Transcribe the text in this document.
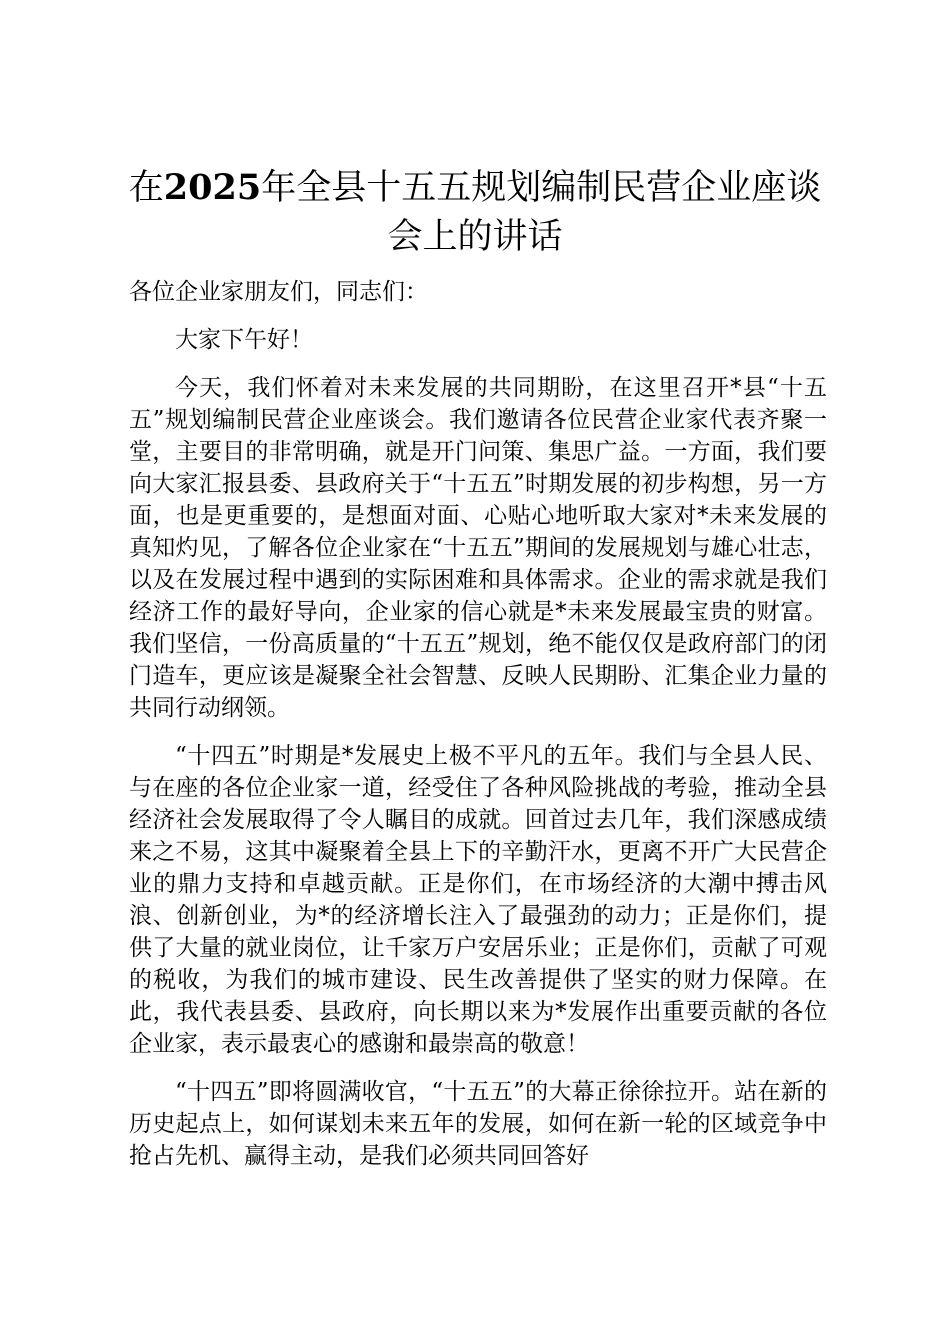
在2025年全县十五五规划编制民营企业座谈会上的讲话

各位企业家朋友们，同志们：

大家下午好！

今天，我们怀着对未来发展的共同期盼，在这里召开*县“十五五”规划编制民营企业座谈会。我们邀请各位民营企业家代表齐聚一堂，主要目的非常明确，就是开门问策、集思广益。一方面，我们要向大家汇报县委、县政府关于“十五五”时期发展的初步构想，另一方面，也是更重要的，是想面对面、心贴心地听取大家对*未来发展的真知灼见，了解各位企业家在“十五五”期间的发展规划与雄心壮志，以及在发展过程中遇到的实际困难和具体需求。企业的需求就是我们经济工作的最好导向，企业家的信心就是*未来发展最宝贵的财富。我们坚信，一份高质量的“十五五”规划，绝不能仅仅是政府部门的闭门造车，更应该是凝聚全社会智慧、反映人民期盼、汇集企业力量的共同行动纲领。

“十四五”时期是*发展史上极不平凡的五年。我们与全县人民、与在座的各位企业家一道，经受住了各种风险挑战的考验，推动全县经济社会发展取得了令人瞩目的成就。回首过去几年，我们深感成绩来之不易，这其中凝聚着全县上下的辛勤汗水，更离不开广大民营企业的鼎力支持和卓越贡献。正是你们，在市场经济的大潮中搏击风浪、创新创业，为*的经济增长注入了最强劲的动力；正是你们，提供了大量的就业岗位，让千家万户安居乐业；正是你们，贡献了可观的税收，为我们的城市建设、民生改善提供了坚实的财力保障。在此，我代表县委、县政府，向长期以来为*发展作出重要贡献的各位企业家，表示最衷心的感谢和最崇高的敬意！

“十四五”即将圆满收官，“十五五”的大幕正徐徐拉开。站在新的历史起点上，如何谋划未来五年的发展，如何在新一轮的区域竞争中抢占先机、赢得主动，是我们必须共同回答好
